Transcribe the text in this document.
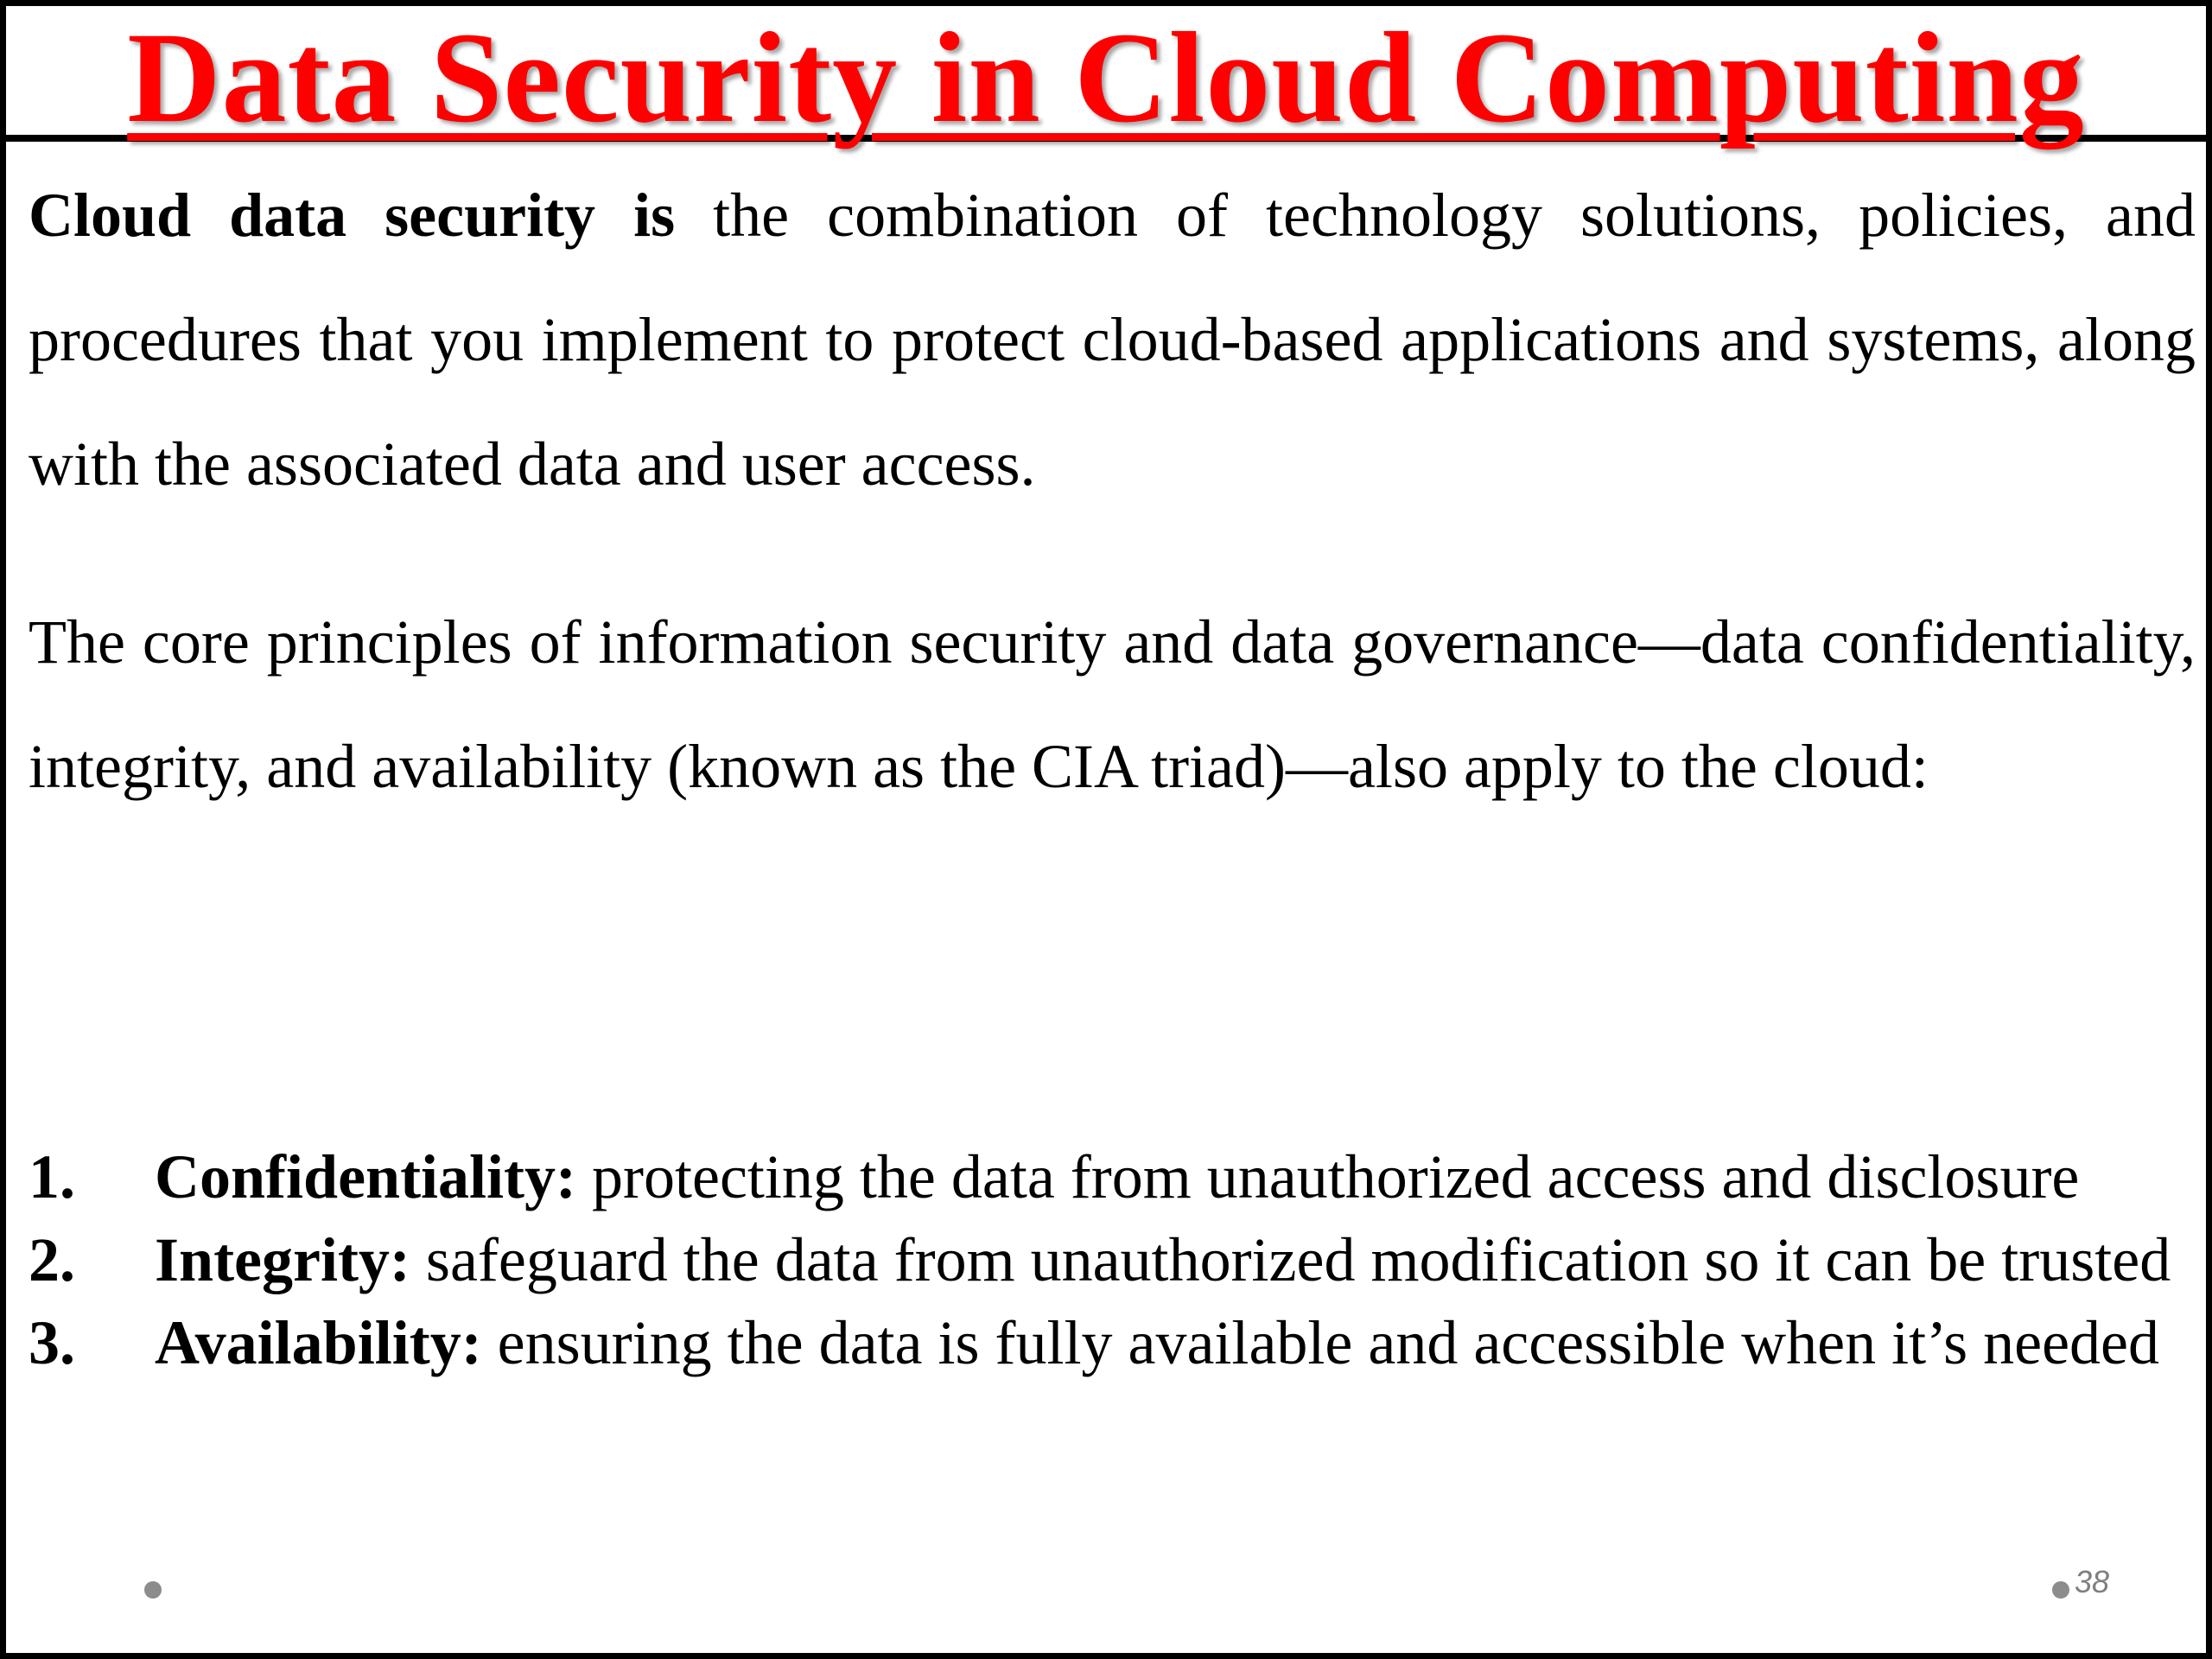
Data Security in Cloud Computing

Cloud data security is the combination of technology solutions, policies, and procedures that you implement to protect cloud-based applications and systems, along with the associated data and user access.

The core principles of information security and data governance—data confidentiality, integrity, and availability (known as the CIA triad)—also apply to the cloud:

1. Confidentiality: protecting the data from unauthorized access and disclosure
2. Integrity: safeguard the data from unauthorized modification so it can be trusted
3. Availability: ensuring the data is fully available and accessible when it’s needed
38
